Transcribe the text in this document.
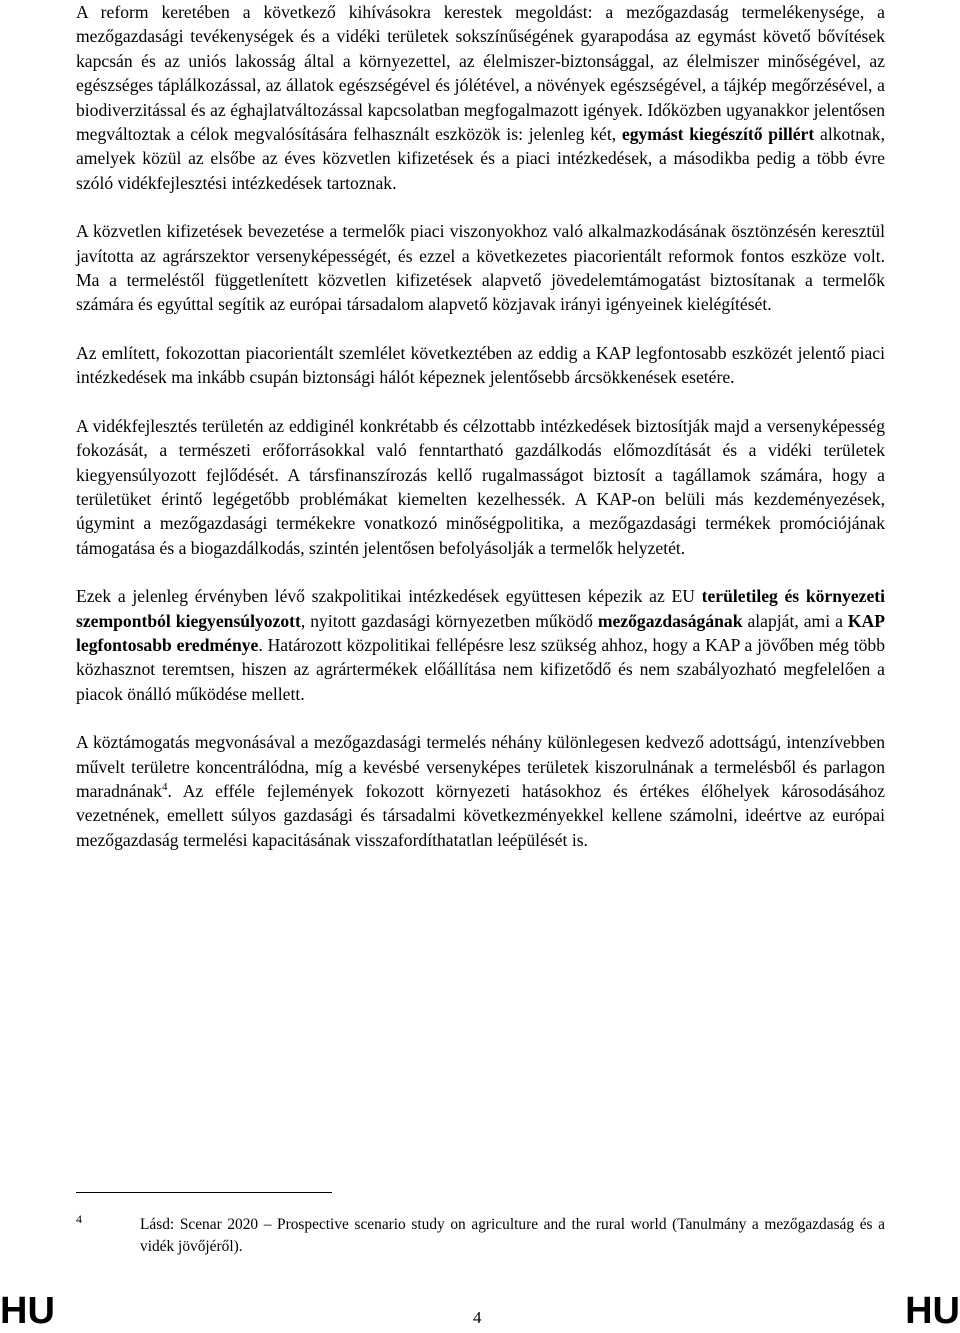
A reform keretében a következő kihívásokra kerestek megoldást: a mezőgazdaság termelékenysége, a mezőgazdasági tevékenységek és a vidéki területek sokszínűségének gyarapodása az egymást követő bővítések kapcsán és az uniós lakosság által a környezettel, az élelmiszer-biztonsággal, az élelmiszer minőségével, az egészséges táplálkozással, az állatok egészségével és jólétével, a növények egészségével, a tájkép megőrzésével, a biodiverzitással és az éghajlatváltozással kapcsolatban megfogalmazott igények. Időközben ugyanakkor jelentősen megváltoztak a célok megvalósítására felhasznált eszközök is: jelenleg két, egymást kiegészítő pillért alkotnak, amelyek közül az elsőbe az éves közvetlen kifizetések és a piaci intézkedések, a másodikba pedig a több évre szóló vidékfejlesztési intézkedések tartoznak.

A közvetlen kifizetések bevezetése a termelők piaci viszonyokhoz való alkalmazkodásának ösztönzésén keresztül javította az agrárszektor versenyképességét, és ezzel a következetes piacorientált reformok fontos eszköze volt. Ma a termeléstől függetlenített közvetlen kifizetések alapvető jövedelemtámogatást biztosítanak a termelők számára és egyúttal segítik az európai társadalom alapvető közjavak irányi igényeinek kielégítését.

Az említett, fokozottan piacorientált szemlélet következtében az eddig a KAP legfontosabb eszközét jelentő piaci intézkedések ma inkább csupán biztonsági hálót képeznek jelentősebb árcsökkenések esetére.

A vidékfejlesztés területén az eddiginél konkrétabb és célzottabb intézkedések biztosítják majd a versenyképesség fokozását, a természeti erőforrásokkal való fenntartható gazdálkodás előmozdítását és a vidéki területek kiegyensúlyozott fejlődését. A társfinanszírozás kellő rugalmasságot biztosít a tagállamok számára, hogy a területüket érintő legégetőbb problémákat kiemelten kezelhessék. A KAP-on belüli más kezdeményezések, úgymint a mezőgazdasági termékekre vonatkozó minőségpolitika, a mezőgazdasági termékek promóciójának támogatása és a biogazdálkodás, szintén jelentősen befolyásolják a termelők helyzetét.

Ezek a jelenleg érvényben lévő szakpolitikai intézkedések együttesen képezik az EU területileg és környezeti szempontból kiegyensúlyozott, nyitott gazdasági környezetben működő mezőgazdaságának alapját, ami a KAP legfontosabb eredménye. Határozott közpolitikai fellépésre lesz szükség ahhoz, hogy a KAP a jövőben még több közhasznot teremtsen, hiszen az agrártermékek előállítása nem kifizetődő és nem szabályozható megfelelően a piacok önálló működése mellett.

A köztámogatás megvonásával a mezőgazdasági termelés néhány különlegesen kedvező adottságú, intenzívebben művelt területre koncentrálódna, míg a kevésbé versenyképes területek kiszorulnának a termelésből és parlagon maradnának$^4$. Az efféle fejlemények fokozott környezeti hatásokhoz és értékes élőhelyek károsodásához vezetnének, emellett súlyos gazdasági és társadalmi következményekkel kellene számolni, ideértve az európai mezőgazdaság termelési kapacitásának visszafordíthatatlan leépülését is.

4	Lásd: Scenar 2020 – Prospective scenario study on agriculture and the rural world (Tanulmány a mezőgazdaság és a vidék jövőjéről).
HU	4	HU
